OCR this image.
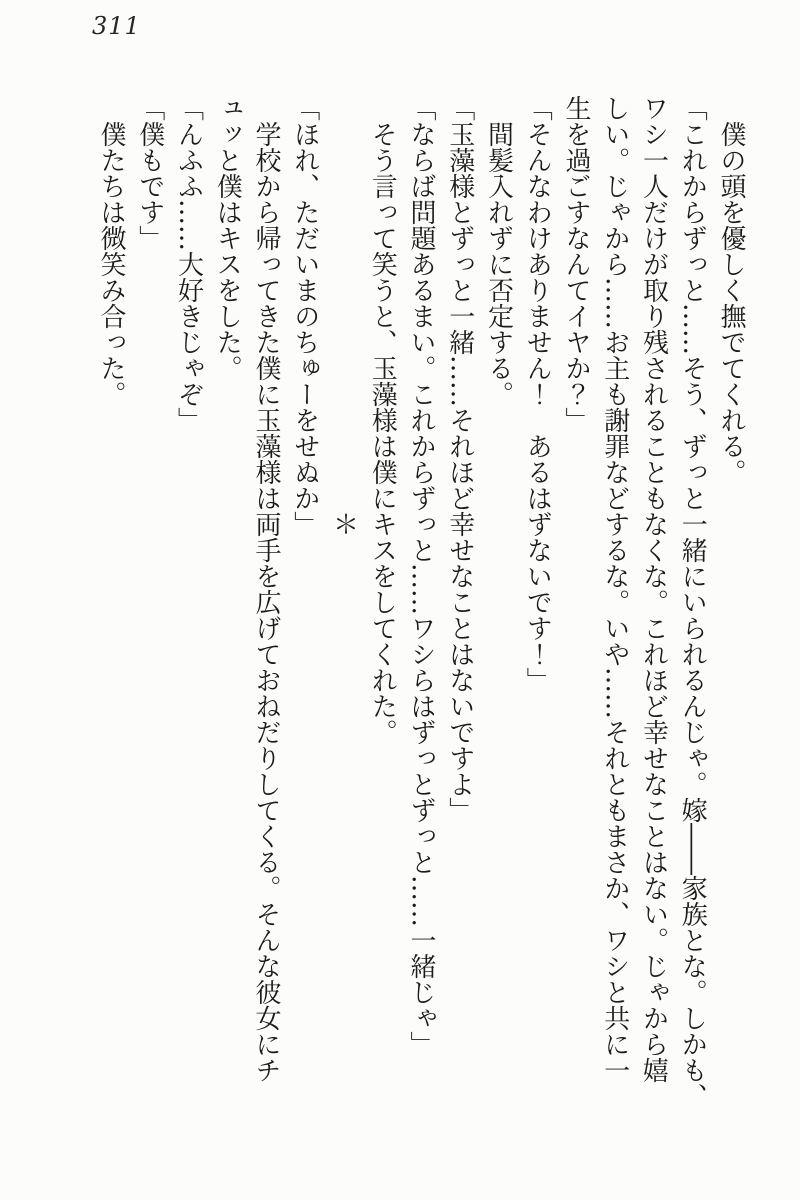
311
　僕の頭を優しく撫でてくれる。
「これからずっと……そう、ずっと一緒にいられるんじゃ。嫁――家族とな。しかも、
ワシ一人だけが取り残されることもなくな。これほど幸せなことはない。じゃから嬉
しい。じゃから……お主も謝罪などするな。いや……それともまさか、ワシと共に一
生を過ごすなんてイヤか？」
「そんなわけありません！　あるはずないです！」
　間髪入れずに否定する。
「玉藻様とずっと一緒……それほど幸せなことはないですよ」
「ならば問題あるまい。これからずっと……ワシらはずっとずっと……一緒じゃ」
　そう言って笑うと、玉藻様は僕にキスをしてくれた。
　　　　　　　　　　　　　　　　＊
「ほれ、ただいまのちゅーをせぬか」
　学校から帰ってきた僕に玉藻様は両手を広げておねだりしてくる。そんな彼女にチ
ュッと僕はキスをした。
「んふふ……大好きじゃぞ」
「僕もです」
　僕たちは微笑み合った。
